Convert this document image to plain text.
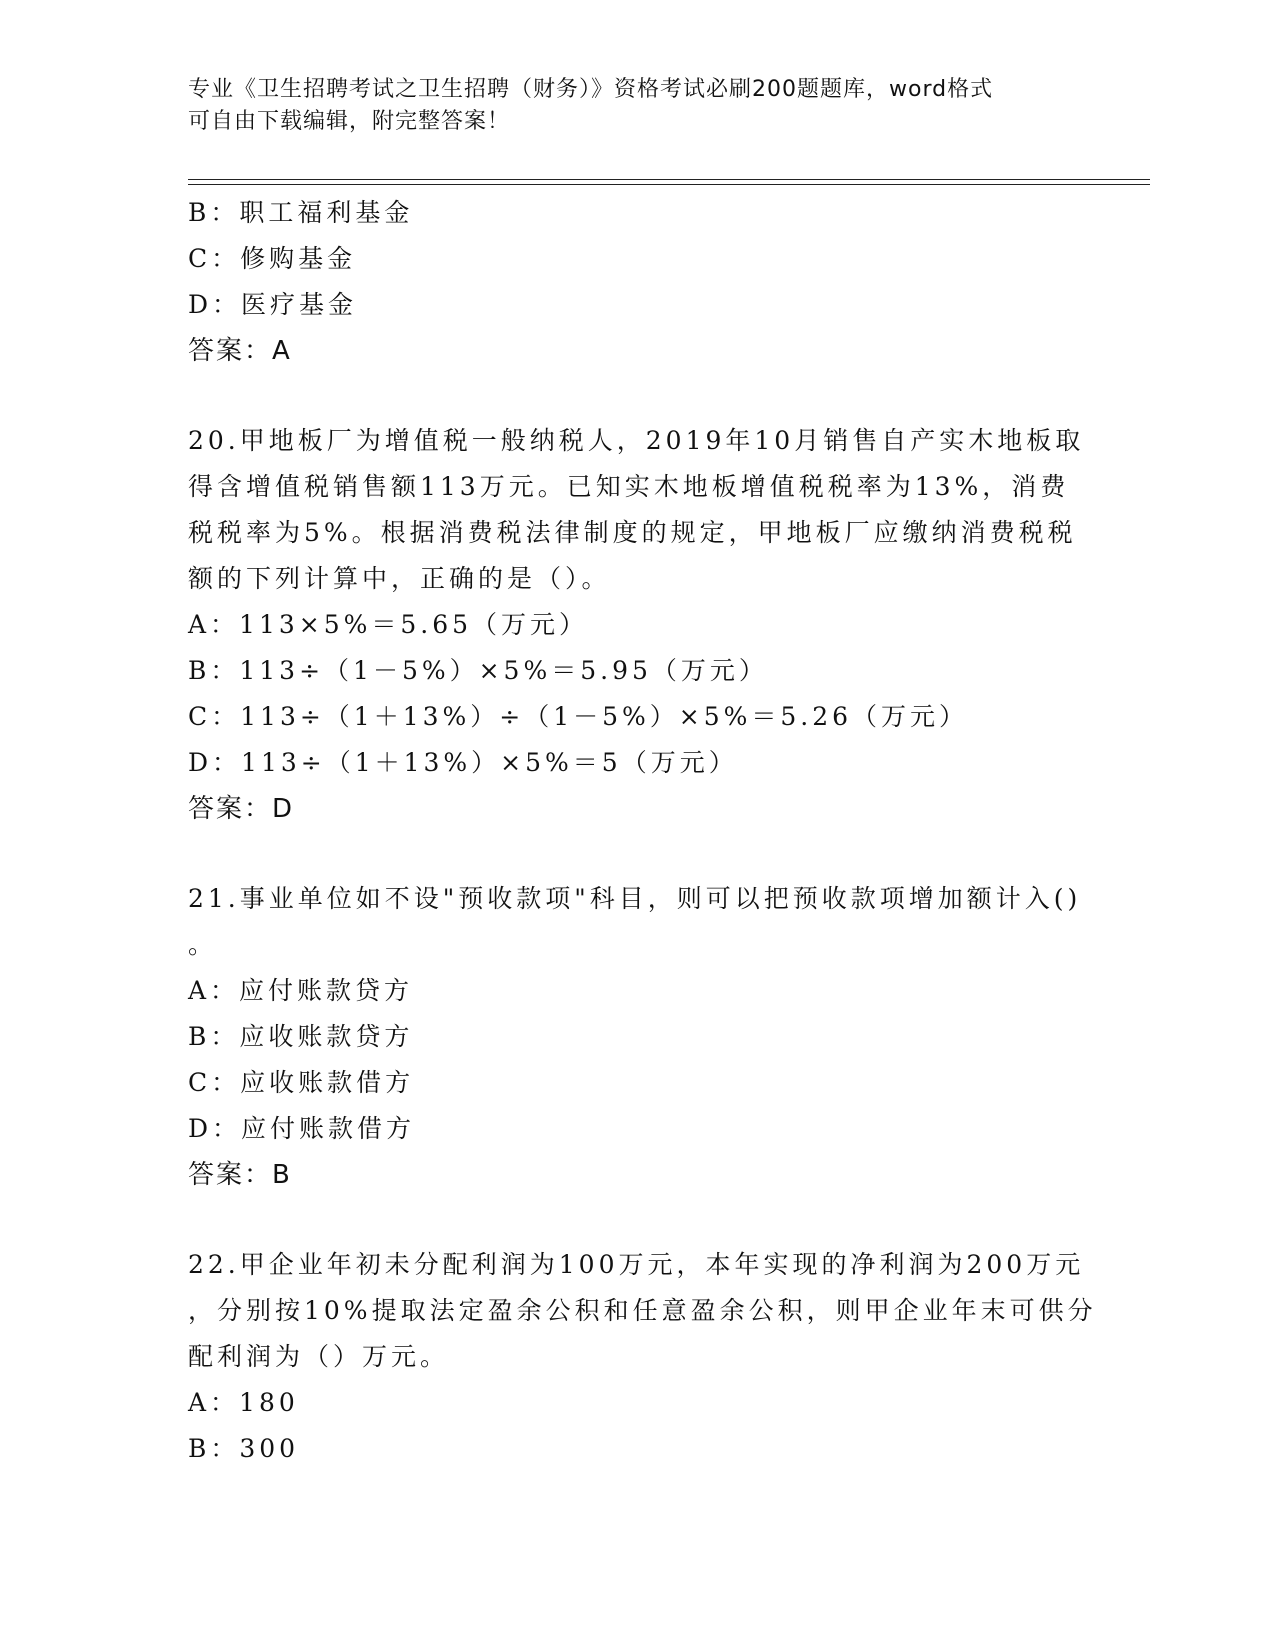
专业《卫生招聘考试之卫生招聘（财务）》资格考试必刷200题题库，word格式
可自由下载编辑，附完整答案！
B：职工福利基金
C：修购基金
D：医疗基金
答案：A
20.甲地板厂为增值税一般纳税人，2019年10月销售自产实木地板取
得含增值税销售额113万元。已知实木地板增值税税率为13%，消费
税税率为5%。根据消费税法律制度的规定，甲地板厂应缴纳消费税税
额的下列计算中，正确的是（）。
A：113×5%＝5.65（万元）
B：113÷（1－5%）×5%＝5.95（万元）
C：113÷（1＋13%）÷（1－5%）×5%＝5.26（万元）
D：113÷（1＋13%）×5%＝5（万元）
答案：D
21.事业单位如不设"预收款项"科目，则可以把预收款项增加额计入()
。
A：应付账款贷方
B：应收账款贷方
C：应收账款借方
D：应付账款借方
答案：B
22.甲企业年初未分配利润为100万元，本年实现的净利润为200万元
，分别按10%提取法定盈余公积和任意盈余公积，则甲企业年末可供分
配利润为（）万元。
A：180
B：300
